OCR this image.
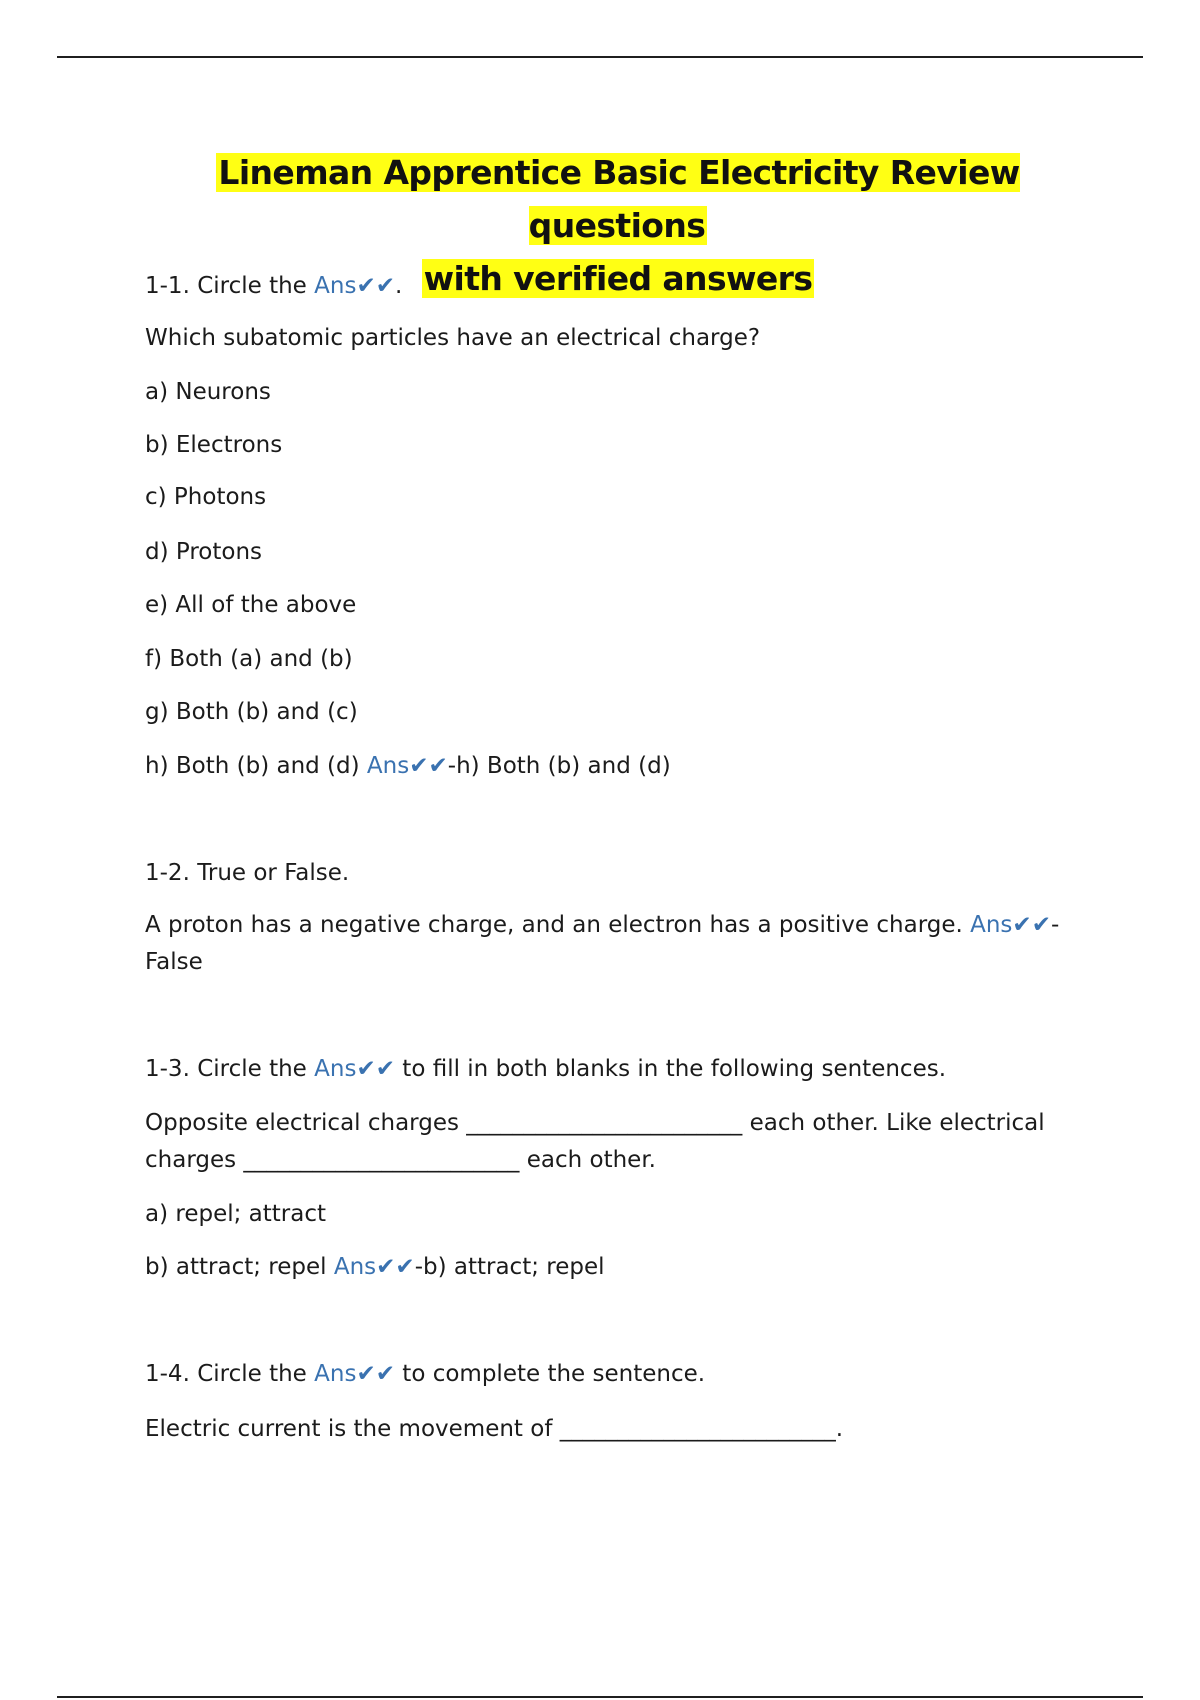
Lineman Apprentice Basic Electricity Review questions
with verified answers
1-1. Circle the Ans✔✔.
Which subatomic particles have an electrical charge?
a) Neurons
b) Electrons
c) Photons
d) Protons
e) All of the above
f) Both (a) and (b)
g) Both (b) and (c)
h) Both (b) and (d) Ans✔✔-h) Both (b) and (d)
1-2. True or False.
A proton has a negative charge, and an electron has a positive charge. Ans✔✔-
False
1-3. Circle the Ans✔✔ to fill in both blanks in the following sentences.
Opposite electrical charges ________________________ each other. Like electrical
charges ________________________ each other.
a) repel; attract
b) attract; repel Ans✔✔-b) attract; repel
1-4. Circle the Ans✔✔ to complete the sentence.
Electric current is the movement of ________________________.
